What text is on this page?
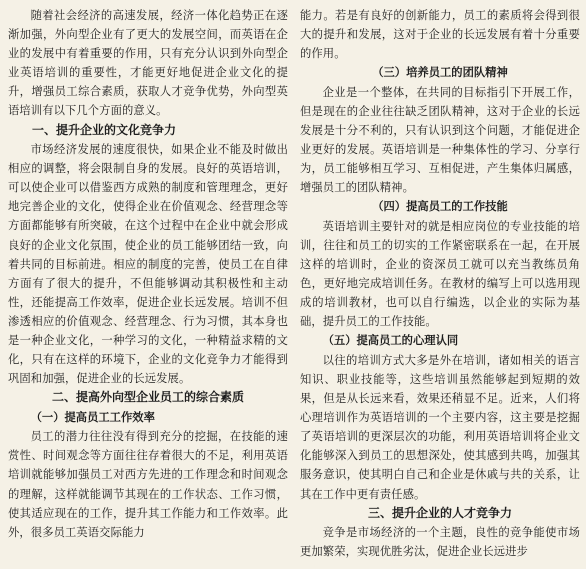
随着社会经济的高速发展，经济一体化趋势正在逐渐加强，外向型企业有了更大的发展空间，而英语在企业的发展中有着重要的作用，只有充分认识到外向型企业英语培训的重要性，才能更好地促进企业文化的提升，增强员工综合素质，获取人才竞争优势，外向型英语培训有以下几个方面的意义。

一、提升企业的文化竞争力

市场经济发展的速度很快，如果企业不能及时做出相应的调整，将会限制自身的发展。良好的英语培训，可以使企业可以借鉴西方成熟的制度和管理理念，更好地完善企业的文化，使得企业在价值观念、经营理念等方面都能够有所突破，在这个过程中在企业中就会形成良好的企业文化氛围，使企业的员工能够团结一致，向着共同的目标前进。相应的制度的完善，使员工在自律方面有了很大的提升，不但能够调动其积极性和主动性，还能提高工作效率，促进企业长远发展。培训不但渗透相应的价值观念、经营理念、行为习惯，其本身也是一种企业文化，一种学习的文化，一种精益求精的文化，只有在这样的环境下，企业的文化竞争力才能得到巩固和加强，促进企业的长远发展。

二、提高外向型企业员工的综合素质
（一）提高员工工作效率

员工的潜力往往没有得到充分的挖掘，在技能的速赏性、时间观念等方面往往存着很大的不足，利用英语培训就能够加强员工对西方先进的工作理念和时间观念的理解，这样就能调节其现在的工作状态、工作习惯，使其适应现在的工作，提升其工作能力和工作效率。此外，很多员工英语交际能力

能力。若是有良好的创新能力，员工的素质将会得到很大的提升和发展，这对于企业的长远发展有着十分重要的作用。

（三）培养员工的团队精神

企业是一个整体，在共同的目标指引下开展工作，但是现在的企业往往缺乏团队精神，这对于企业的长远发展是十分不利的，只有认识到这个问题，才能促进企业更好的发展。英语培训是一种集体性的学习、分享行为，员工能够相互学习、互相促进，产生集体归属感，增强员工的团队精神。

（四）提高员工的工作技能

英语培训主要针对的就是相应岗位的专业技能的培训，往往和员工的切实的工作紧密联系在一起，在开展这样的培训时，企业的资深员工就可以充当教练员角色，更好地完成培训任务。在教材的编写上可以选用现成的培训教材，也可以自行编选，以企业的实际为基础，提升员工的工作技能。

（五）提高员工的心理认同

以往的培训方式大多是外在培训，诸如相关的语言知识、职业技能等，这些培训虽然能够起到短期的效果，但是从长远来看，效果还稍显不足。近来，人们将心理培训作为英语培训的一个主要内容，这主要是挖掘了英语培训的更深层次的功能，利用英语培训将企业文化能够深入到员工的思想深处，使其感到共鸣，加强其服务意识，使其明白自己和企业是休戚与共的关系，让其在工作中更有责任感。

三、提升企业的人才竞争力

竞争是市场经济的一个主题，良性的竞争能使市场更加繁荣，实现优胜劣汰，促进企业长远进步
